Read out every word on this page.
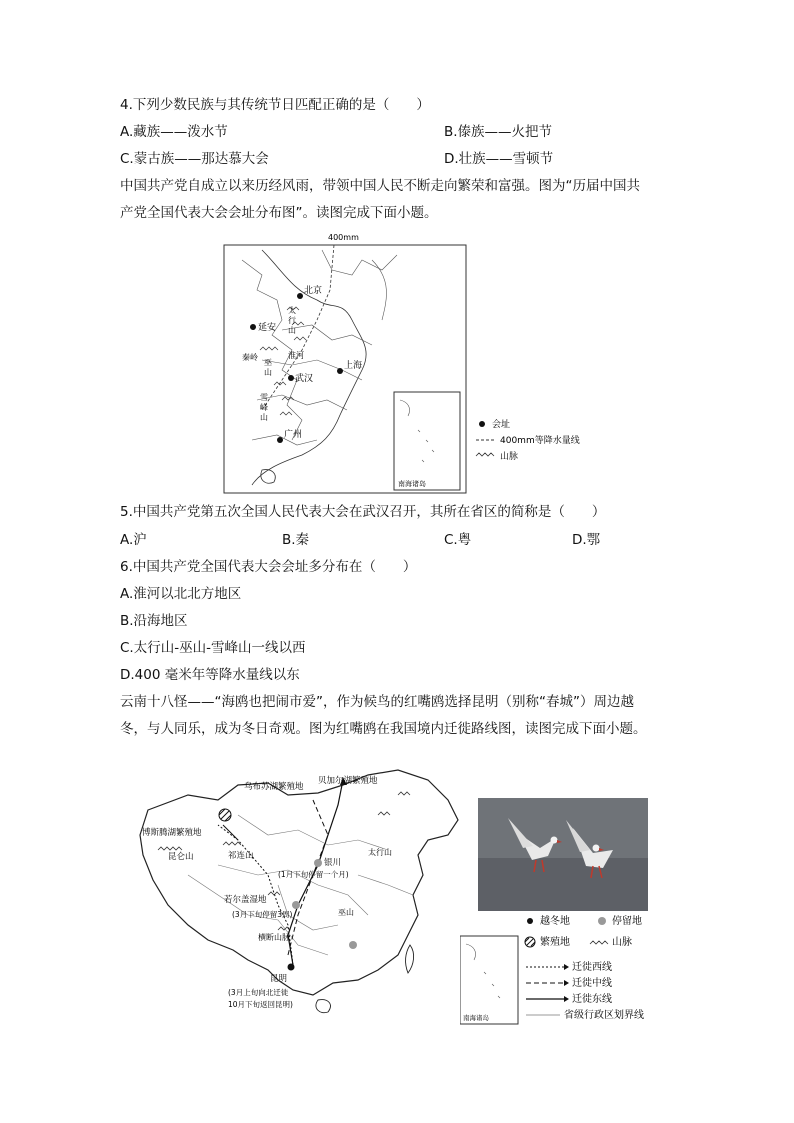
4.下列少数民族与其传统节日匹配正确的是（　　）
A.藏族——泼水节	B.傣族——火把节
C.蒙古族——那达慕大会	D.壮族——雪顿节
中国共产党自成立以来历经风雨，带领中国人民不断走向繁荣和富强。图为“历届中国共
产党全国代表大会会址分布图”。读图完成下面小题。
400mm
北京
延安
上海
武汉
广州
太
行
山
淮河
巫
山
秦岭
雪
峰
山
南海诸岛
会址
400mm等降水量线
山脉
5.中国共产党第五次全国人民代表大会在武汉召开，其所在省区的简称是（　　）
A.沪	B.秦	C.粤	D.鄂
6.中国共产党全国代表大会会址多分布在（　　）
A.淮河以北北方地区
B.沿海地区
C.太行山-巫山-雪峰山一线以西
D.400 毫米年等降水量线以东
云南十八怪——“海鸥也把闹市爱”，作为候鸟的红嘴鸥选择昆明（别称“春城”）周边越
冬，与人同乐，成为冬日奇观。图为红嘴鸥在我国境内迁徙路线图，读图完成下面小题。
乌布苏湖繁殖地
贝加尔湖繁殖地
博斯腾湖繁殖地
昆仑山	祁连山
银川
(1月下旬停留一个月)
若尔盖湿地
(3月下旬停留3周)
横断山脉
太行山
巫山
昆明
(3月上旬向北迁徙
10月下旬返回昆明)
南海诸岛
越冬地	停留地
繁殖地	山脉
迁徙西线
迁徙中线
迁徙东线
省级行政区划界线
